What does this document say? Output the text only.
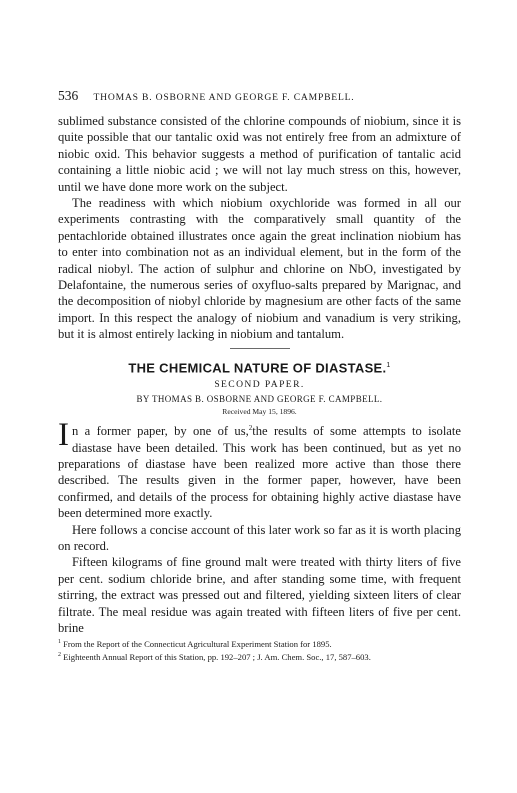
536 THOMAS B. OSBORNE AND GEORGE F. CAMPBELL.

sublimed substance consisted of the chlorine compounds of niobium, since it is quite possible that our tantalic oxid was not entirely free from an admixture of niobic oxid. This behavior suggests a method of purification of tantalic acid containing a little niobic acid ; we will not lay much stress on this, however, until we have done more work on the subject.

The readiness with which niobium oxychloride was formed in all our experiments contrasting with the comparatively small quantity of the pentachloride obtained illustrates once again the great inclination niobium has to enter into combination not as an individual element, but in the form of the radical niobyl. The action of sulphur and chlorine on NbO, investigated by Delafontaine, the numerous series of oxyfluo-salts prepared by Marignac, and the decomposition of niobyl chloride by magnesium are other facts of the same import. In this respect the analogy of niobium and vanadium is very striking, but it is almost entirely lacking in niobium and tantalum.

THE CHEMICAL NATURE OF DIASTASE.$^1$
SECOND PAPER.
BY THOMAS B. OSBORNE AND GEORGE F. CAMPBELL.
Received May 15, 1896.

In a former paper, by one of us,$^2$the results of some attempts to isolate diastase have been detailed. This work has been continued, but as yet no preparations of diastase have been realized more active than those there described. The results given in the former paper, however, have been confirmed, and details of the process for obtaining highly active diastase have been determined more exactly.

Here follows a concise account of this later work so far as it is worth placing on record.

Fifteen kilograms of fine ground malt were treated with thirty liters of five per cent. sodium chloride brine, and after standing some time, with frequent stirring, the extract was pressed out and filtered, yielding sixteen liters of clear filtrate. The meal residue was again treated with fifteen liters of five per cent. brine

$^1$ From the Report of the Connecticut Agricultural Experiment Station for 1895.

$^2$ Eighteenth Annual Report of this Station, pp. 192–207 ; J. Am. Chem. Soc., 17, 587–603.
